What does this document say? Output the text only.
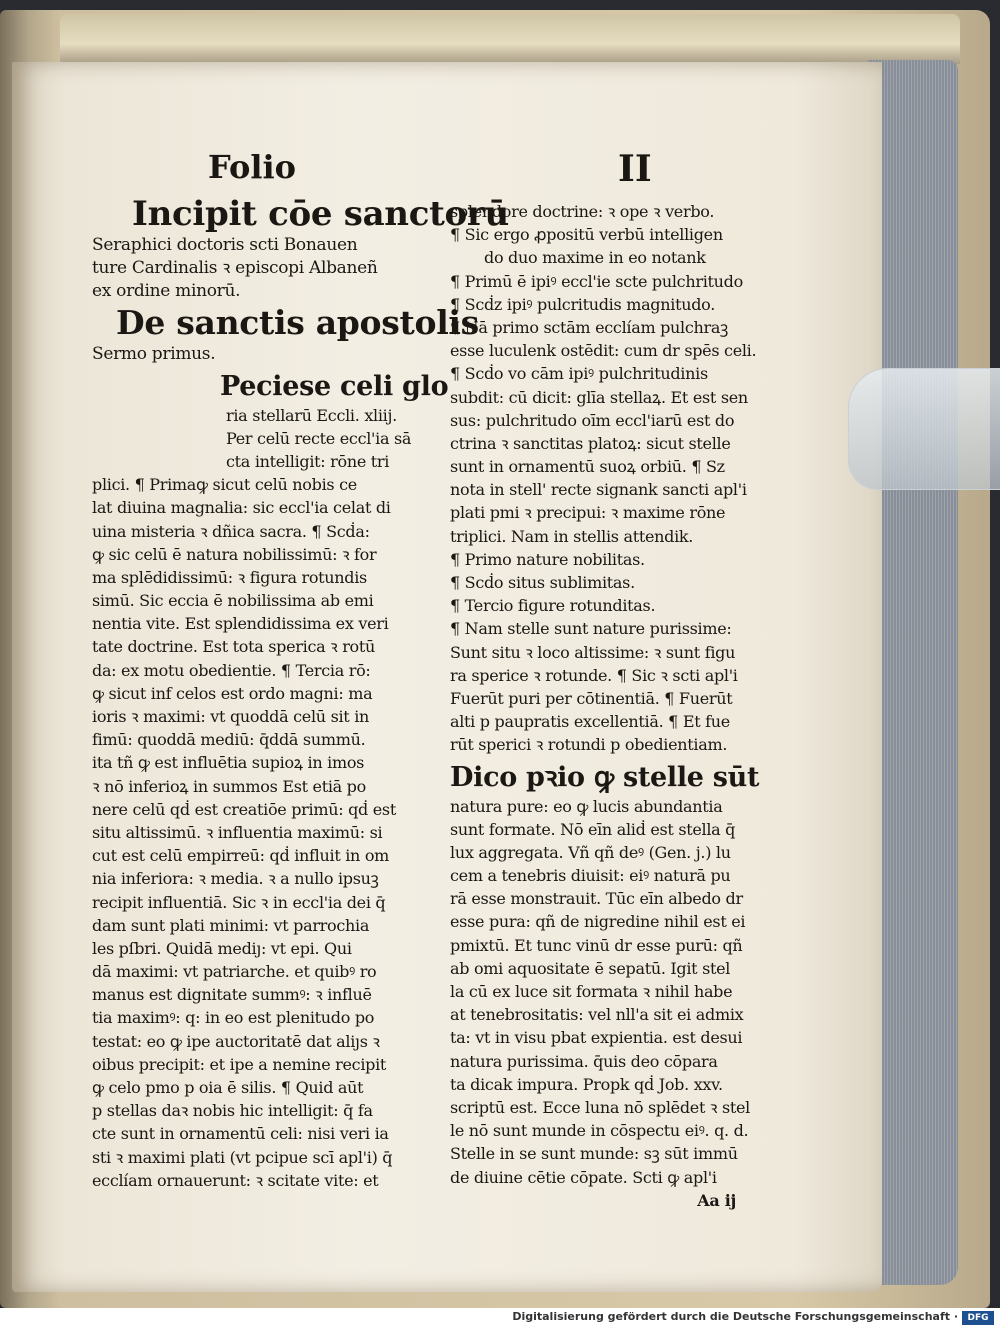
Folio	II
Incipit cōe sanctorū
Seraphici doctoris scti Bonauen
ture Cardinalis ꝛ episcopi Albaneñ
ex ordine minorū.
De sanctis apostolis
Sermo primus.
Peciese celi glo
ria stellarū Eccli. xliij.
Per celū recte eccl'ia sā
cta intelligit: rōne tri
plici. ¶ Primaꝙ sicut celū nobis ce
lat diuina magnalia: sic eccl'ia celat di
uina misteria ꝛ dñica sacra. ¶ Scḋa:
ꝙ sic celū ē natura nobilissimū: ꝛ for
ma splēdidissimū: ꝛ figura rotundis
simū. Sic eccia ē nobilissima ab emi
nentia vite. Est splendidissima ex veri
tate doctrine. Est tota sperica ꝛ rotū
da: ex motu obedientie. ¶ Tercia rō:
ꝙ sicut inf celos est ordo magni: ma
ioris ꝛ maximi: vt quoddā celū sit in
fimū: quoddā mediū: q̄ddā summū.
ita tñ ꝙ est influētia supioꝝ in imos
ꝛ nō inferioꝝ in summos Est etiā po
nere celū qḋ est creatiōe primū: qḋ est
situ altissimū. ꝛ influentia maximū: si
cut est celū empirreū: qḋ influit in om
nia inferiora: ꝛ media. ꝛ a nullo ipsuꝫ
recipit influentiā. Sic ꝛ in eccl'ia dei q̄
dam sunt plati minimi: vt parrochia
les pſbri. Quidā mediȷ: vt epi. Qui
dā maximi: vt patriarche. et quibꝰ ro
manus est dignitate summꝰ: ꝛ influē
tia maximꝰ: q: in eo est plenitudo po
testat: eo ꝙ ipe auctoritatē dat aliȷs ꝛ
oibus precipit: et ipe a nemine recipit
ꝙ celo pmo p oia ē silis. ¶ Quid aūt
p stellas daꝛ nobis hic intelligit: q̄ fa
cte sunt in ornamentū celi: nisi veri ia
sti ꝛ maximi plati (vt pcipue scī apl'i) q̄
ecclíam ornauerunt: ꝛ scitate vite: et
splendore doctrine: ꝛ ope ꝛ verbo.
¶ Sic ergo ꝓpositū verbū intelligen
do duo maxime in eo notank
¶ Primū ē ipiꝰ eccl'ie scte pulchritudo
¶ Scḋz ipiꝰ pulcritudis magnitudo.
¶ Nā primo sctām ecclíam pulchraꝫ
esse luculenk ostēdit: cum dr spēs celi.
¶ Scḋo vo cām ipiꝰ pulchritudinis
subdit: cū dicit: glīa stellaꝝ. Et est sen
sus: pulchritudo oīm eccl'iarū est do
ctrina ꝛ sanctitas platoꝝ: sicut stelle
sunt in ornamentū suoꝝ orbiū. ¶ Sz
nota in stell' recte signank sancti apl'i
plati pmi ꝛ precipui: ꝛ maxime rōne
triplici. Nam in stellis attendik.
¶ Primo nature nobilitas.
¶ Scḋo situs sublimitas.
¶ Tercio figure rotunditas.
¶ Nam stelle sunt nature purissime:
Sunt situ ꝛ loco altissime: ꝛ sunt figu
ra sperice ꝛ rotunde. ¶ Sic ꝛ scti apl'i
Fuerūt puri per cōtinentiā. ¶ Fuerūt
alti p paupratis excellentiā. ¶ Et fue
rūt sperici ꝛ rotundi p obedientiam.
Dico pꝛio ꝙ stelle sūt
natura pure: eo ꝙ lucis abundantia
sunt formate. Nō eīn aliḋ est stella q̄
lux aggregata. Vñ qñ deꝰ (Gen. j.) lu
cem a tenebris diuisit: eiꝰ naturā pu
rā esse monstrauit. Tūc eīn albedo dr
esse pura: qñ de nigredine nihil est ei
pmixtū. Et tunc vinū dr esse purū: qñ
ab omi aquositate ē sepatū. Igit stel
la cū ex luce sit formata ꝛ nihil habe
at tenebrositatis: vel nll'a sit ei admix
ta: vt in visu pbat expientia. est desui
natura purissima. q̄uis deo cōpara
ta dicak impura. Propk qḋ Job. xxv.
scriptū est. Ecce luna nō splēdet ꝛ stel
le nō sunt munde in cōspectu eiꝰ. q. d.
Stelle in se sunt munde: sꝫ sūt immū
de diuine cētie cōpate. Scti ꝙ apl'i
Aa ij
Digitalisierung gefördert durch die Deutsche Forschungsgemeinschaft ·	DFG
